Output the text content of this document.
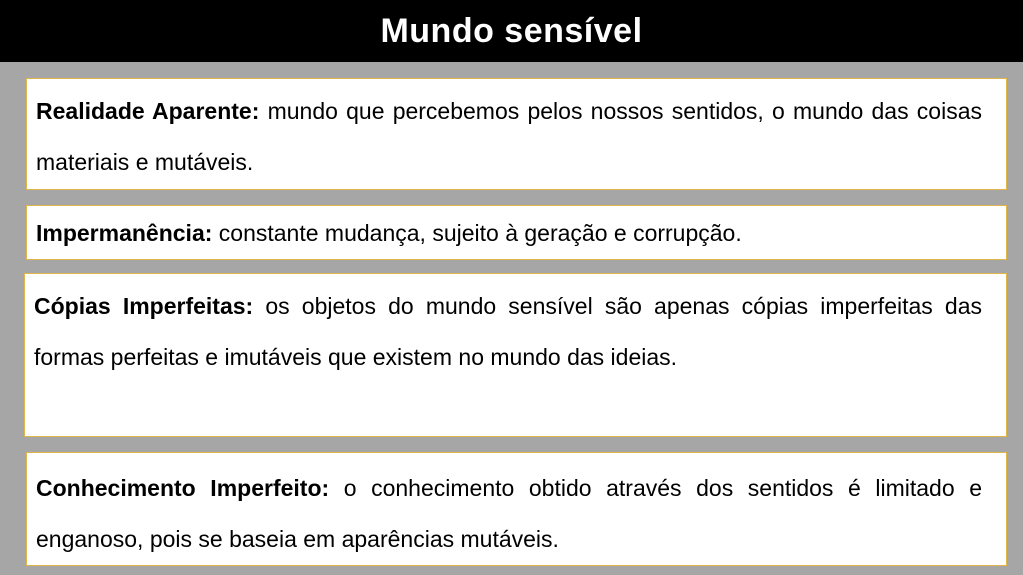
Mundo sensível
Realidade Aparente: mundo que percebemos pelos nossos sentidos, o mundo das coisas materiais e mutáveis.
Impermanência: constante mudança, sujeito à geração e corrupção.
Cópias Imperfeitas: os objetos do mundo sensível são apenas cópias imperfeitas das formas perfeitas e imutáveis que existem no mundo das ideias.
Conhecimento Imperfeito: o conhecimento obtido através dos sentidos é limitado e enganoso, pois se baseia em aparências mutáveis.
